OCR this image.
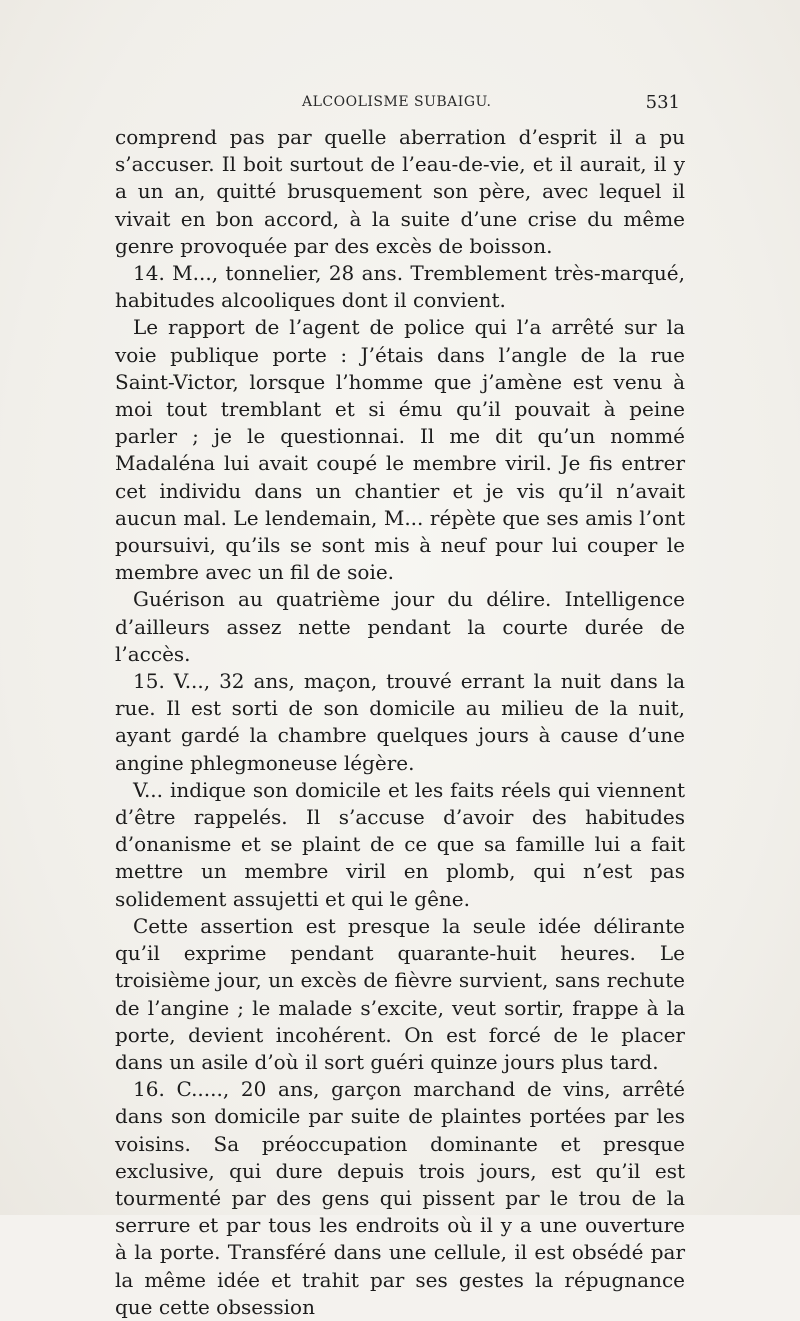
ALCOOLISME SUBAIGU.	531

comprend pas par quelle aberration d’esprit il a pu s’accuser. Il boit surtout de l’eau-de-vie, et il aurait, il y a un an, quitté brusquement son père, avec lequel il vivait en bon accord, à la suite d’une crise du même genre provoquée par des excès de boisson.

14. M..., tonnelier, 28 ans. Tremblement très-marqué, habitudes alcooliques dont il convient.

Le rapport de l’agent de police qui l’a arrêté sur la voie publique porte : J’étais dans l’angle de la rue Saint-Victor, lorsque l’homme que j’amène est venu à moi tout tremblant et si ému qu’il pouvait à peine parler ; je le questionnai. Il me dit qu’un nommé Madaléna lui avait coupé le membre viril. Je fis entrer cet individu dans un chantier et je vis qu’il n’avait aucun mal. Le lendemain, M... répète que ses amis l’ont poursuivi, qu’ils se sont mis à neuf pour lui couper le membre avec un fil de soie.

Guérison au quatrième jour du délire. Intelligence d’ailleurs assez nette pendant la courte durée de l’accès.

15. V..., 32 ans, maçon, trouvé errant la nuit dans la rue. Il est sorti de son domicile au milieu de la nuit, ayant gardé la chambre quelques jours à cause d’une angine phlegmoneuse légère.

V... indique son domicile et les faits réels qui viennent d’être rappelés. Il s’accuse d’avoir des habitudes d’onanisme et se plaint de ce que sa famille lui a fait mettre un membre viril en plomb, qui n’est pas solidement assujetti et qui le gêne.

Cette assertion est presque la seule idée délirante qu’il exprime pendant quarante-huit heures. Le troisième jour, un excès de fièvre survient, sans rechute de l’angine ; le malade s’excite, veut sortir, frappe à la porte, devient incohérent. On est forcé de le placer dans un asile d’où il sort guéri quinze jours plus tard.

16. C....., 20 ans, garçon marchand de vins, arrêté dans son domicile par suite de plaintes portées par les voisins. Sa préoccupation dominante et presque exclusive, qui dure depuis trois jours, est qu’il est tourmenté par des gens qui pissent par le trou de la serrure et par tous les endroits où il y a une ouverture à la porte. Transféré dans une cellule, il est obsédé par la même idée et trahit par ses gestes la répugnance que cette obsession
